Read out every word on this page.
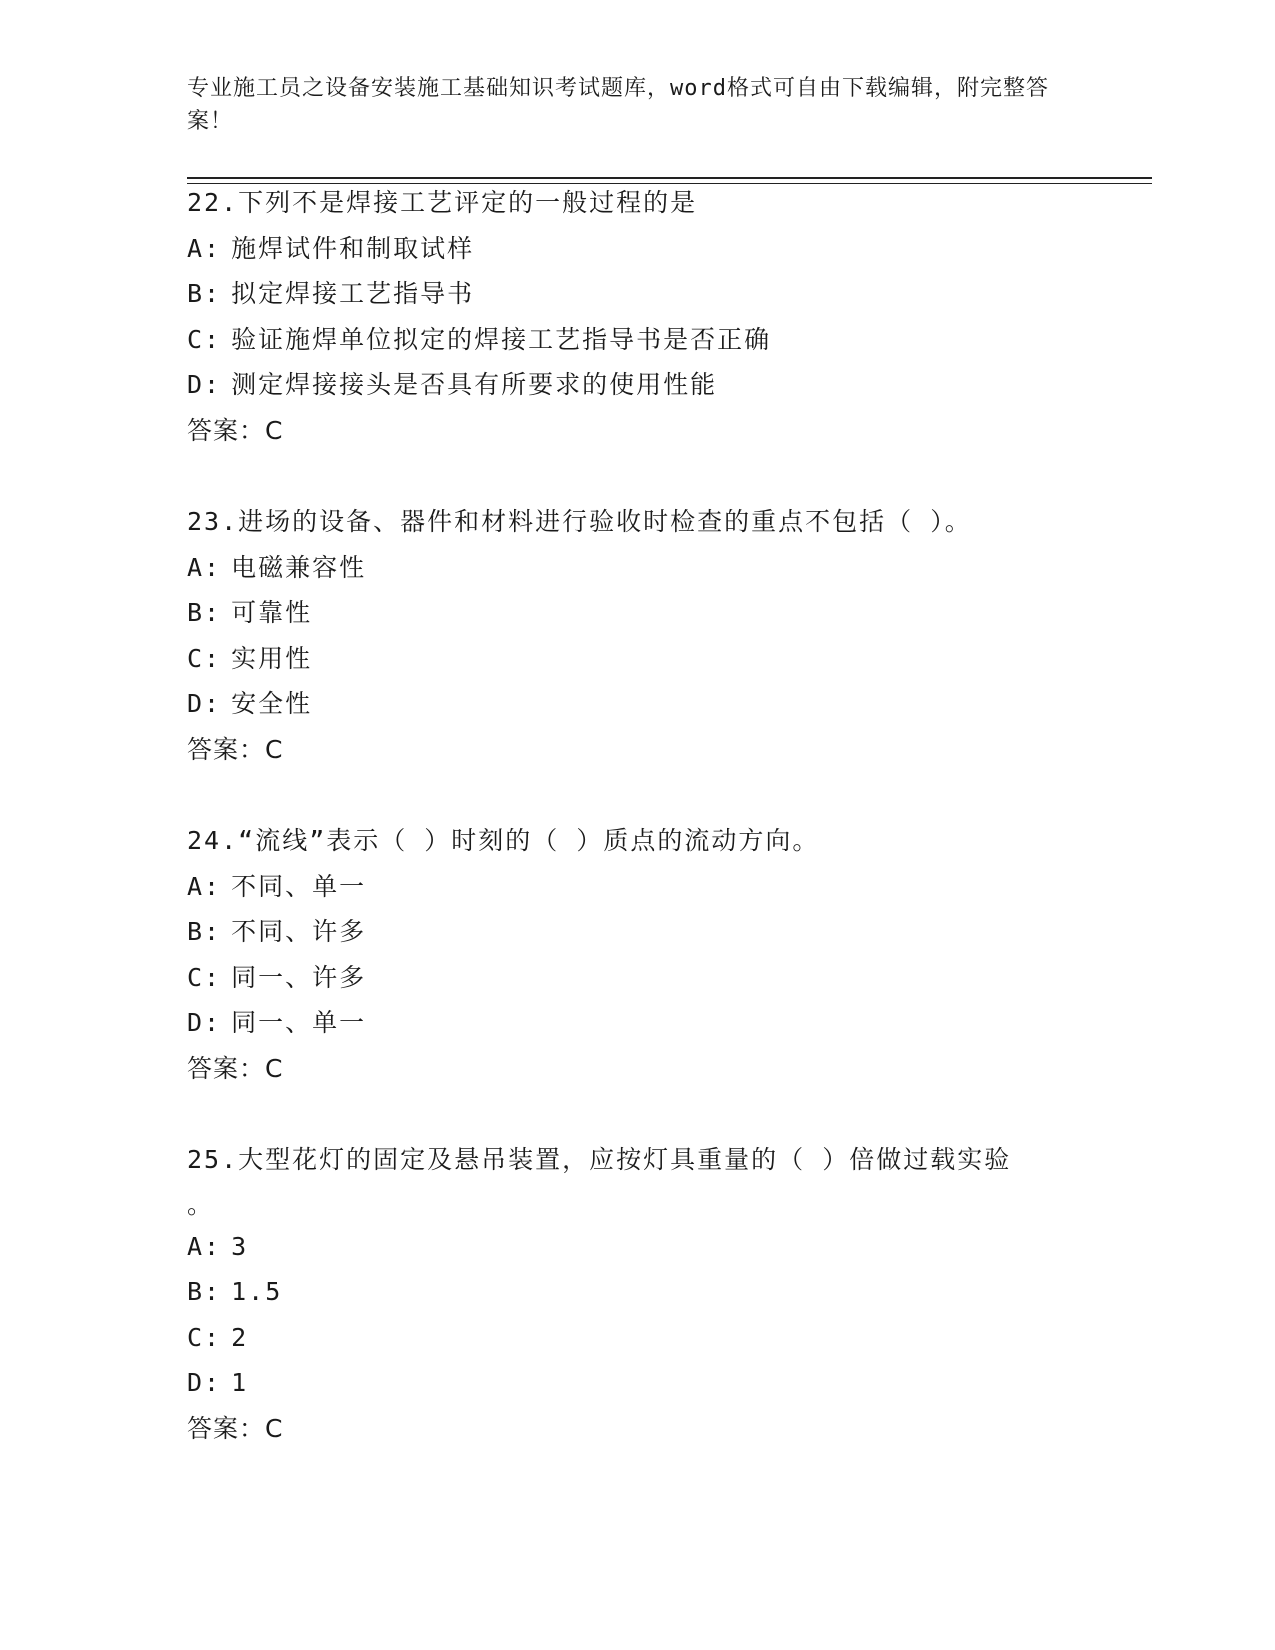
专业施工员之设备安装施工基础知识考试题库，word格式可自由下载编辑，附完整答案！
22.下列不是焊接工艺评定的一般过程的是
A: 施焊试件和制取试样
B: 拟定焊接工艺指导书
C: 验证施焊单位拟定的焊接工艺指导书是否正确
D: 测定焊接接头是否具有所要求的使用性能
答案：C
23.进场的设备、器件和材料进行验收时检查的重点不包括（ ）。
A: 电磁兼容性
B: 可靠性
C: 实用性
D: 安全性
答案：C
24.“流线”表示（ ）时刻的（ ）质点的流动方向。
A: 不同、单一
B: 不同、许多
C: 同一、许多
D: 同一、单一
答案：C
25.大型花灯的固定及悬吊装置，应按灯具重量的（ ）倍做过载实验
。
A: 3
B: 1.5
C: 2
D: 1
答案：C
